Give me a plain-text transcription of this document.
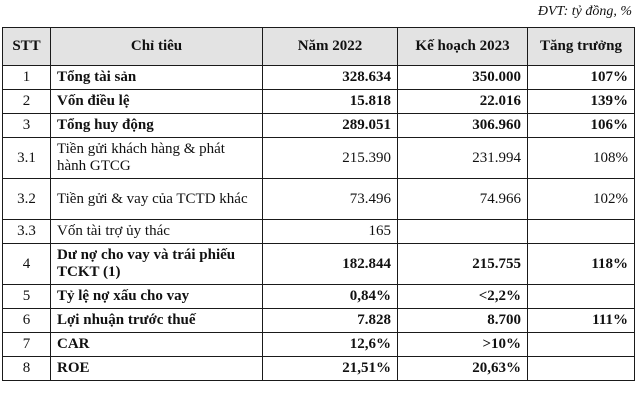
ĐVT: tỷ đồng, %
STT	Chỉ tiêu	Năm 2022	Kế hoạch 2023	Tăng trưởng
1	Tổng tài sản	328.634	350.000	107%
2	Vốn điều lệ	15.818	22.016	139%
3	Tổng huy động	289.051	306.960	106%
3.1	Tiền gửi khách hàng & phát hành GTCG	215.390	231.994	108%
3.2	Tiền gửi & vay của TCTD khác	73.496	74.966	102%
3.3	Vốn tài trợ ủy thác	165		
4	Dư nợ cho vay và trái phiếu TCKT (1)	182.844	215.755	118%
5	Tỷ lệ nợ xấu cho vay	0,84%	<2,2%	
6	Lợi nhuận trước thuế	7.828	8.700	111%
7	CAR	12,6%	>10%	
8	ROE	21,51%	20,63%	
